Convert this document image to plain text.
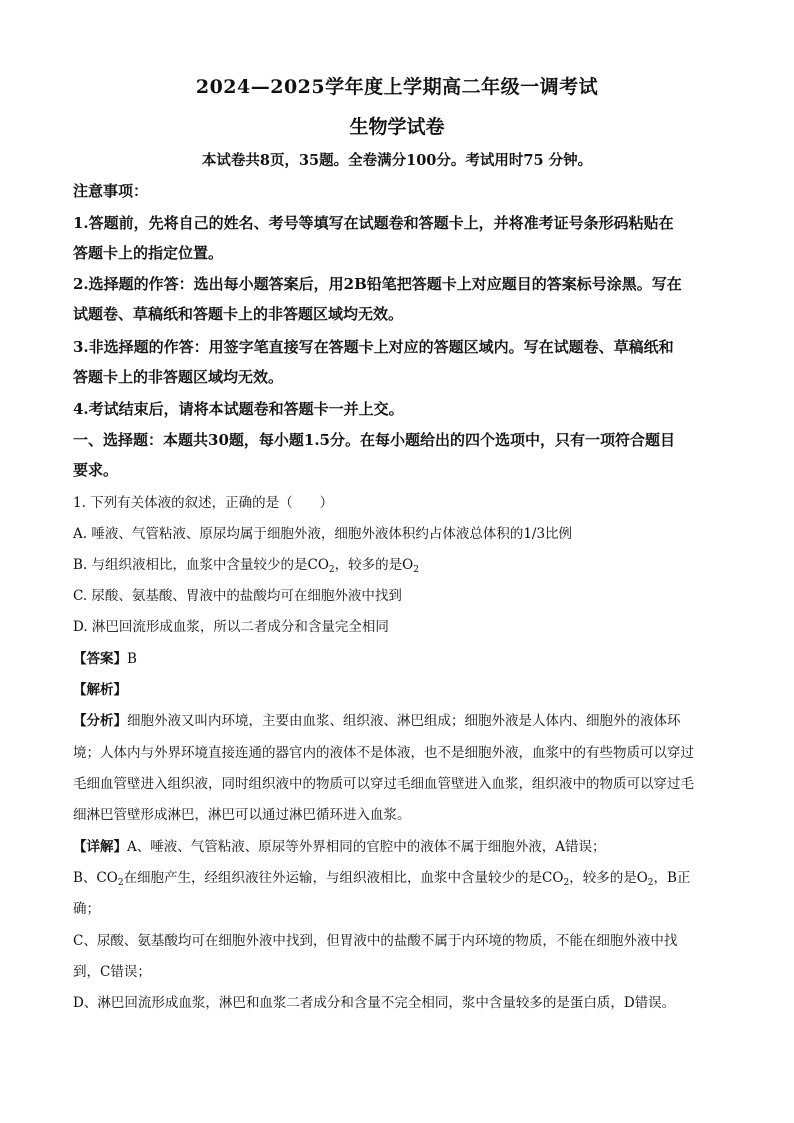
2024—2025学年度上学期高二年级一调考试
生物学试卷
本试卷共8页，35题。全卷满分100分。考试用时75 分钟。
注意事项：
1.答题前，先将自己的姓名、考号等填写在试题卷和答题卡上，并将准考证号条形码粘贴在
答题卡上的指定位置。
2.选择题的作答：选出每小题答案后，用2B铅笔把答题卡上对应题目的答案标号涂黑。写在
试题卷、草稿纸和答题卡上的非答题区域均无效。
3.非选择题的作答：用签字笔直接写在答题卡上对应的答题区域内。写在试题卷、草稿纸和
答题卡上的非答题区域均无效。
4.考试结束后，请将本试题卷和答题卡一并上交。
一、选择题：本题共30题，每小题1.5分。在每小题给出的四个选项中，只有一项符合题目
要求。
1. 下列有关体液的叙述，正确的是（　　）
A. 唾液、气管粘液、原尿均属于细胞外液，细胞外液体积约占体液总体积的1/3比例
B. 与组织液相比，血浆中含量较少的是$CO_2$，较多的是$O_2$
C. 尿酸、氨基酸、胃液中的盐酸均可在细胞外液中找到
D. 淋巴回流形成血浆，所以二者成分和含量完全相同
【答案】B
【解析】
【分析】细胞外液又叫内环境，主要由血浆、组织液、淋巴组成；细胞外液是人体内、细胞外的液体环
境；人体内与外界环境直接连通的器官内的液体不是体液，也不是细胞外液，血浆中的有些物质可以穿过
毛细血管壁进入组织液，同时组织液中的物质可以穿过毛细血管壁进入血浆，组织液中的物质可以穿过毛
细淋巴管壁形成淋巴，淋巴可以通过淋巴循环进入血浆。
【详解】A、唾液、气管粘液、原尿等外界相同的官腔中的液体不属于细胞外液，A错误；
B、$CO_2$在细胞产生，经组织液往外运输，与组织液相比，血浆中含量较少的是$CO_2$，较多的是$O_2$，B正
确；
C、尿酸、氨基酸均可在细胞外液中找到，但胃液中的盐酸不属于内环境的物质，不能在细胞外液中找
到，C错误；
D、淋巴回流形成血浆，淋巴和血浆二者成分和含量不完全相同，浆中含量较多的是蛋白质，D错误。
